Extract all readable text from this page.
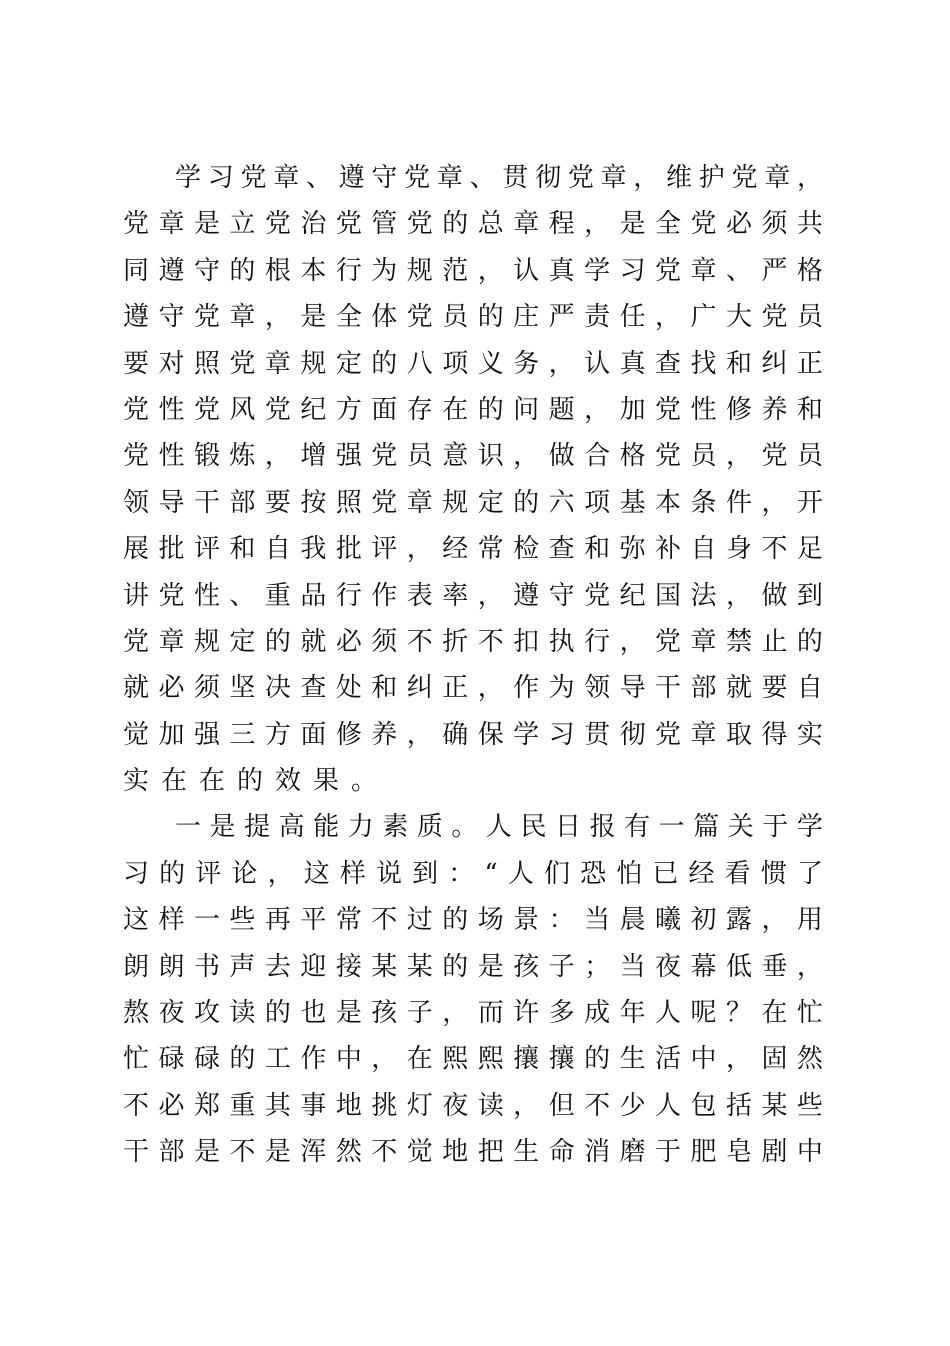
学 习 党 章 、 遵 守 党 章 、 贯 彻 党 章 ， 维 护 党 章 ，
党 章 是 立 党 治 党 管 党 的 总 章 程 ， 是 全 党 必 须 共
同 遵 守 的 根 本 行 为 规 范 ， 认 真 学 习 党 章 、 严 格
遵 守 党 章 ， 是 全 体 党 员 的 庄 严 责 任 ， 广 大 党 员
要 对 照 党 章 规 定 的 八 项 义 务 ， 认 真 查 找 和 纠 正
党 性 党 风 党 纪 方 面 存 在 的 问 题 ， 加 党 性 修 养 和
党 性 锻 炼 ， 增 强 党 员 意 识 ， 做 合 格 党 员 ， 党 员
领 导 干 部 要 按 照 党 章 规 定 的 六 项 基 本 条 件 ， 开
展 批 评 和 自 我 批 评 ， 经 常 检 查 和 弥 补 自 身 不 足
讲 党 性 、 重 品 行 作 表 率 ， 遵 守 党 纪 国 法 ， 做 到
党 章 规 定 的 就 必 须 不 折 不 扣 执 行 ， 党 章 禁 止 的
就 必 须 坚 决 查 处 和 纠 正 ， 作 为 领 导 干 部 就 要 自
觉 加 强 三 方 面 修 养 ， 确 保 学 习 贯 彻 党 章 取 得 实
实在在的效果。
一 是 提 高 能 力 素 质 。 人 民 日 报 有 一 篇 关 于 学
习 的 评 论 ， 这 样 说 到 ： “ 人 们 恐 怕 已 经 看 惯 了
这 样 一 些 再 平 常 不 过 的 场 景 ： 当 晨 曦 初 露 ， 用
朗 朗 书 声 去 迎 接 某 某 的 是 孩 子 ； 当 夜 幕 低 垂 ，
熬 夜 攻 读 的 也 是 孩 子 ， 而 许 多 成 年 人 呢 ？ 在 忙
忙 碌 碌 的 工 作 中 ， 在 熙 熙 攘 攘 的 生 活 中 ， 固 然
不 必 郑 重 其 事 地 挑 灯 夜 读 ， 但 不 少 人 包 括 某 些
干 部 是 不 是 浑 然 不 觉 地 把 生 命 消 磨 于 肥 皂 剧 中
